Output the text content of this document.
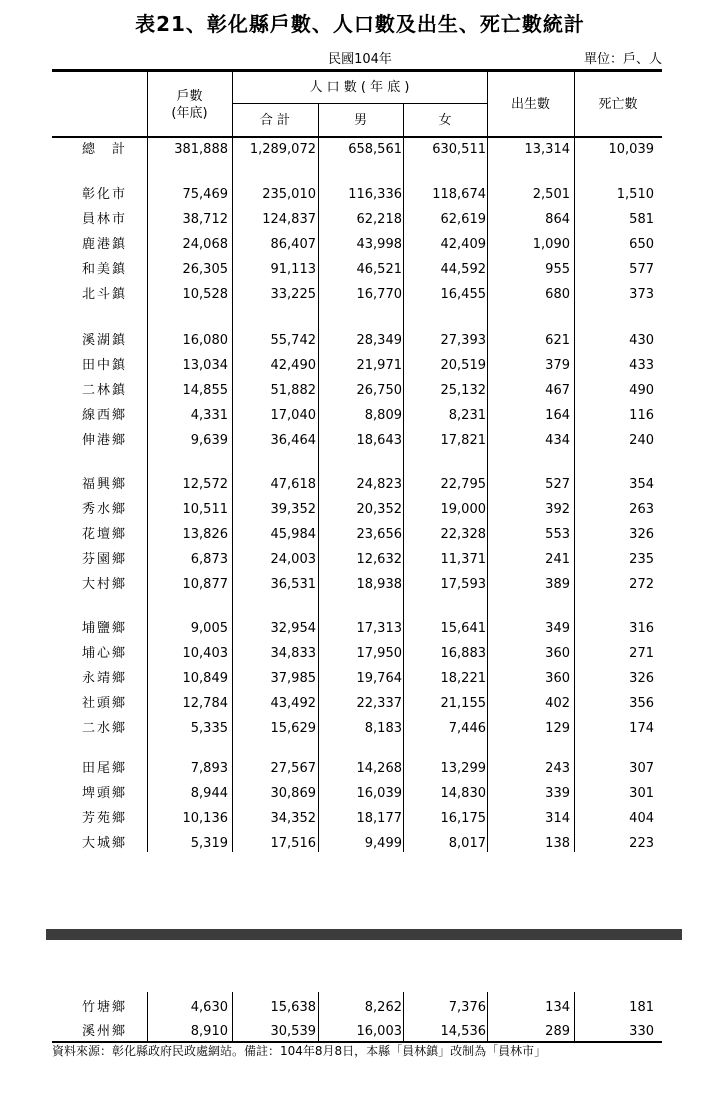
表21、彰化縣戶數、人口數及出生、死亡數統計
民國104年	單位：戶、人
戶數
(年底)
人 口 數 ( 年 底 )
合 計	男	女
出生數	死亡數
總　計	381,888 1,289,072 658,561 630,511	13,314	10,039
彰化市	75,469	235,010 116,336 118,674	2,501	1,510
員林市	38,712	124,837	62,218	62,619	864	581
鹿港鎮	24,068	86,407	43,998	42,409	1,090	650
和美鎮	26,305	91,113	46,521	44,592	955	577
北斗鎮	10,528	33,225	16,770	16,455	680	373
溪湖鎮	16,080	55,742	28,349	27,393	621	430
田中鎮	13,034	42,490	21,971	20,519	379	433
二林鎮	14,855	51,882	26,750	25,132	467	490
線西鄉	4,331	17,040	8,809	8,231	164	116
伸港鄉	9,639	36,464	18,643	17,821	434	240
福興鄉	12,572	47,618	24,823	22,795	527	354
秀水鄉	10,511	39,352	20,352	19,000	392	263
花壇鄉	13,826	45,984	23,656	22,328	553	326
芬園鄉	6,873	24,003	12,632	11,371	241	235
大村鄉	10,877	36,531	18,938	17,593	389	272
埔鹽鄉	9,005	32,954	17,313	15,641	349	316
埔心鄉	10,403	34,833	17,950	16,883	360	271
永靖鄉	10,849	37,985	19,764	18,221	360	326
社頭鄉	12,784	43,492	22,337	21,155	402	356
二水鄉	5,335	15,629	8,183	7,446	129	174
田尾鄉	7,893	27,567	14,268	13,299	243	307
埤頭鄉	8,944	30,869	16,039	14,830	339	301
芳苑鄉	10,136	34,352	18,177	16,175	314	404
大城鄉	5,319	17,516	9,499	8,017	138	223
竹塘鄉	4,630	15,638	8,262	7,376	134	181
溪州鄉	8,910	30,539	16,003	14,536	289	330
資料來源：彰化縣政府民政處網站。備註：104年8月8日，本縣「員林鎮」改制為「員林市」
